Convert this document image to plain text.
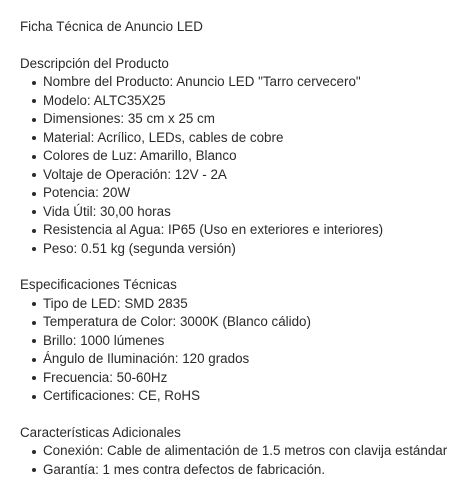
Ficha Técnica de Anuncio LED
Descripción del Producto
Nombre del Producto: Anuncio LED "Tarro cervecero"
Modelo: ALTC35X25
Dimensiones: 35 cm x 25 cm
Material: Acrílico, LEDs, cables de cobre
Colores de Luz: Amarillo, Blanco
Voltaje de Operación: 12V - 2A
Potencia: 20W
Vida Útil: 30,00 horas
Resistencia al Agua: IP65 (Uso en exteriores e interiores)
Peso: 0.51 kg (segunda versión)
Especificaciones Técnicas
Tipo de LED: SMD 2835
Temperatura de Color: 3000K (Blanco cálido)
Brillo: 1000 lúmenes
Ángulo de Iluminación: 120 grados
Frecuencia: 50-60Hz
Certificaciones: CE, RoHS
Características Adicionales
Conexión: Cable de alimentación de 1.5 metros con clavija estándar
Garantía: 1 mes contra defectos de fabricación.
